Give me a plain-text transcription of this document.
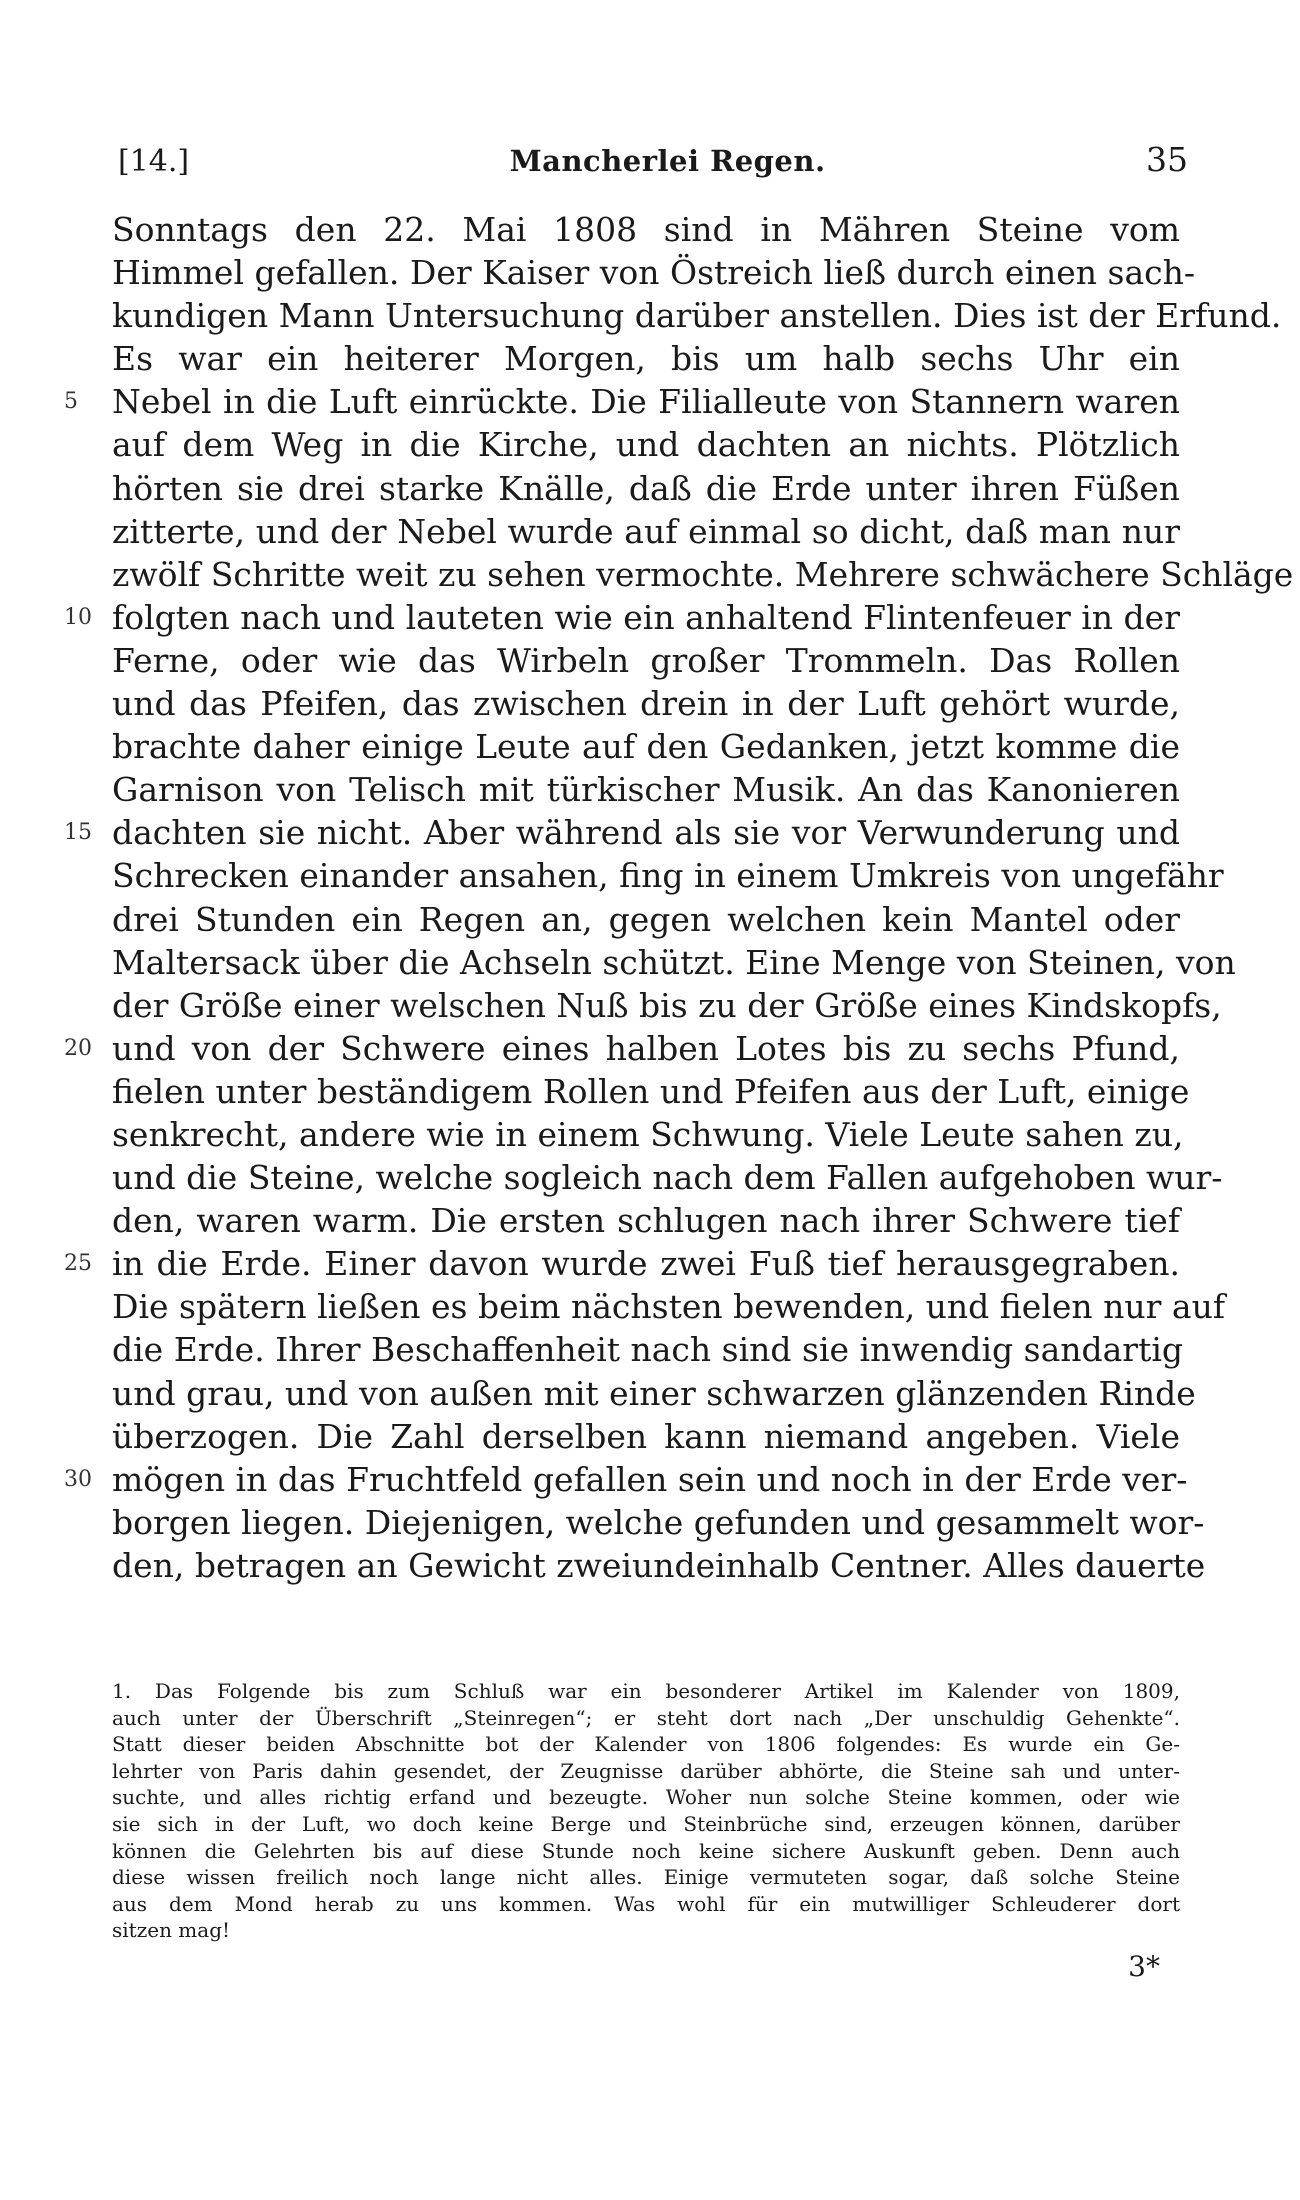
[14.]	Mancherlei Regen.	35
Sonntags den 22. Mai 1808 sind in Mähren Steine vom
Himmel gefallen. Der Kaiser von Östreich ließ durch einen sach-
kundigen Mann Untersuchung darüber anstellen. Dies ist der Erfund.
Es war ein heiterer Morgen, bis um halb sechs Uhr ein
5	Nebel in die Luft einrückte. Die Filialleute von Stannern waren
auf dem Weg in die Kirche, und dachten an nichts. Plötzlich
hörten sie drei starke Knälle, daß die Erde unter ihren Füßen
zitterte, und der Nebel wurde auf einmal so dicht, daß man nur
zwölf Schritte weit zu sehen vermochte. Mehrere schwächere Schläge
10 folgten nach und lauteten wie ein anhaltend Flintenfeuer in der
Ferne, oder wie das Wirbeln großer Trommeln. Das Rollen
und das Pfeifen, das zwischen drein in der Luft gehört wurde,
brachte daher einige Leute auf den Gedanken, jetzt komme die
Garnison von Telisch mit türkischer Musik. An das Kanonieren
15 dachten sie nicht. Aber während als sie vor Verwunderung und
Schrecken einander ansahen, fing in einem Umkreis von ungefähr
drei Stunden ein Regen an, gegen welchen kein Mantel oder
Maltersack über die Achseln schützt. Eine Menge von Steinen, von
der Größe einer welschen Nuß bis zu der Größe eines Kindskopfs,
20 und von der Schwere eines halben Lotes bis zu sechs Pfund,
fielen unter beständigem Rollen und Pfeifen aus der Luft, einige
senkrecht, andere wie in einem Schwung. Viele Leute sahen zu,
und die Steine, welche sogleich nach dem Fallen aufgehoben wur-
den, waren warm. Die ersten schlugen nach ihrer Schwere tief
25 in die Erde. Einer davon wurde zwei Fuß tief herausgegraben.
Die spätern ließen es beim nächsten bewenden, und fielen nur auf
die Erde. Ihrer Beschaffenheit nach sind sie inwendig sandartig
und grau, und von außen mit einer schwarzen glänzenden Rinde
überzogen. Die Zahl derselben kann niemand angeben. Viele
30 mögen in das Fruchtfeld gefallen sein und noch in der Erde ver-
borgen liegen. Diejenigen, welche gefunden und gesammelt wor-
den, betragen an Gewicht zweiundeinhalb Centner. Alles dauerte
1. Das Folgende bis zum Schluß war ein besonderer Artikel im Kalender von 1809,
auch unter der Überschrift „Steinregen“; er steht dort nach „Der unschuldig Gehenkte“.
Statt dieser beiden Abschnitte bot der Kalender von 1806 folgendes: Es wurde ein Ge-
lehrter von Paris dahin gesendet, der Zeugnisse darüber abhörte, die Steine sah und unter-
suchte, und alles richtig erfand und bezeugte. Woher nun solche Steine kommen, oder wie
sie sich in der Luft, wo doch keine Berge und Steinbrüche sind, erzeugen können, darüber
können die Gelehrten bis auf diese Stunde noch keine sichere Auskunft geben. Denn auch
diese wissen freilich noch lange nicht alles. Einige vermuteten sogar, daß solche Steine
aus dem Mond herab zu uns kommen. Was wohl für ein mutwilliger Schleuderer dort
sitzen mag!
3*
